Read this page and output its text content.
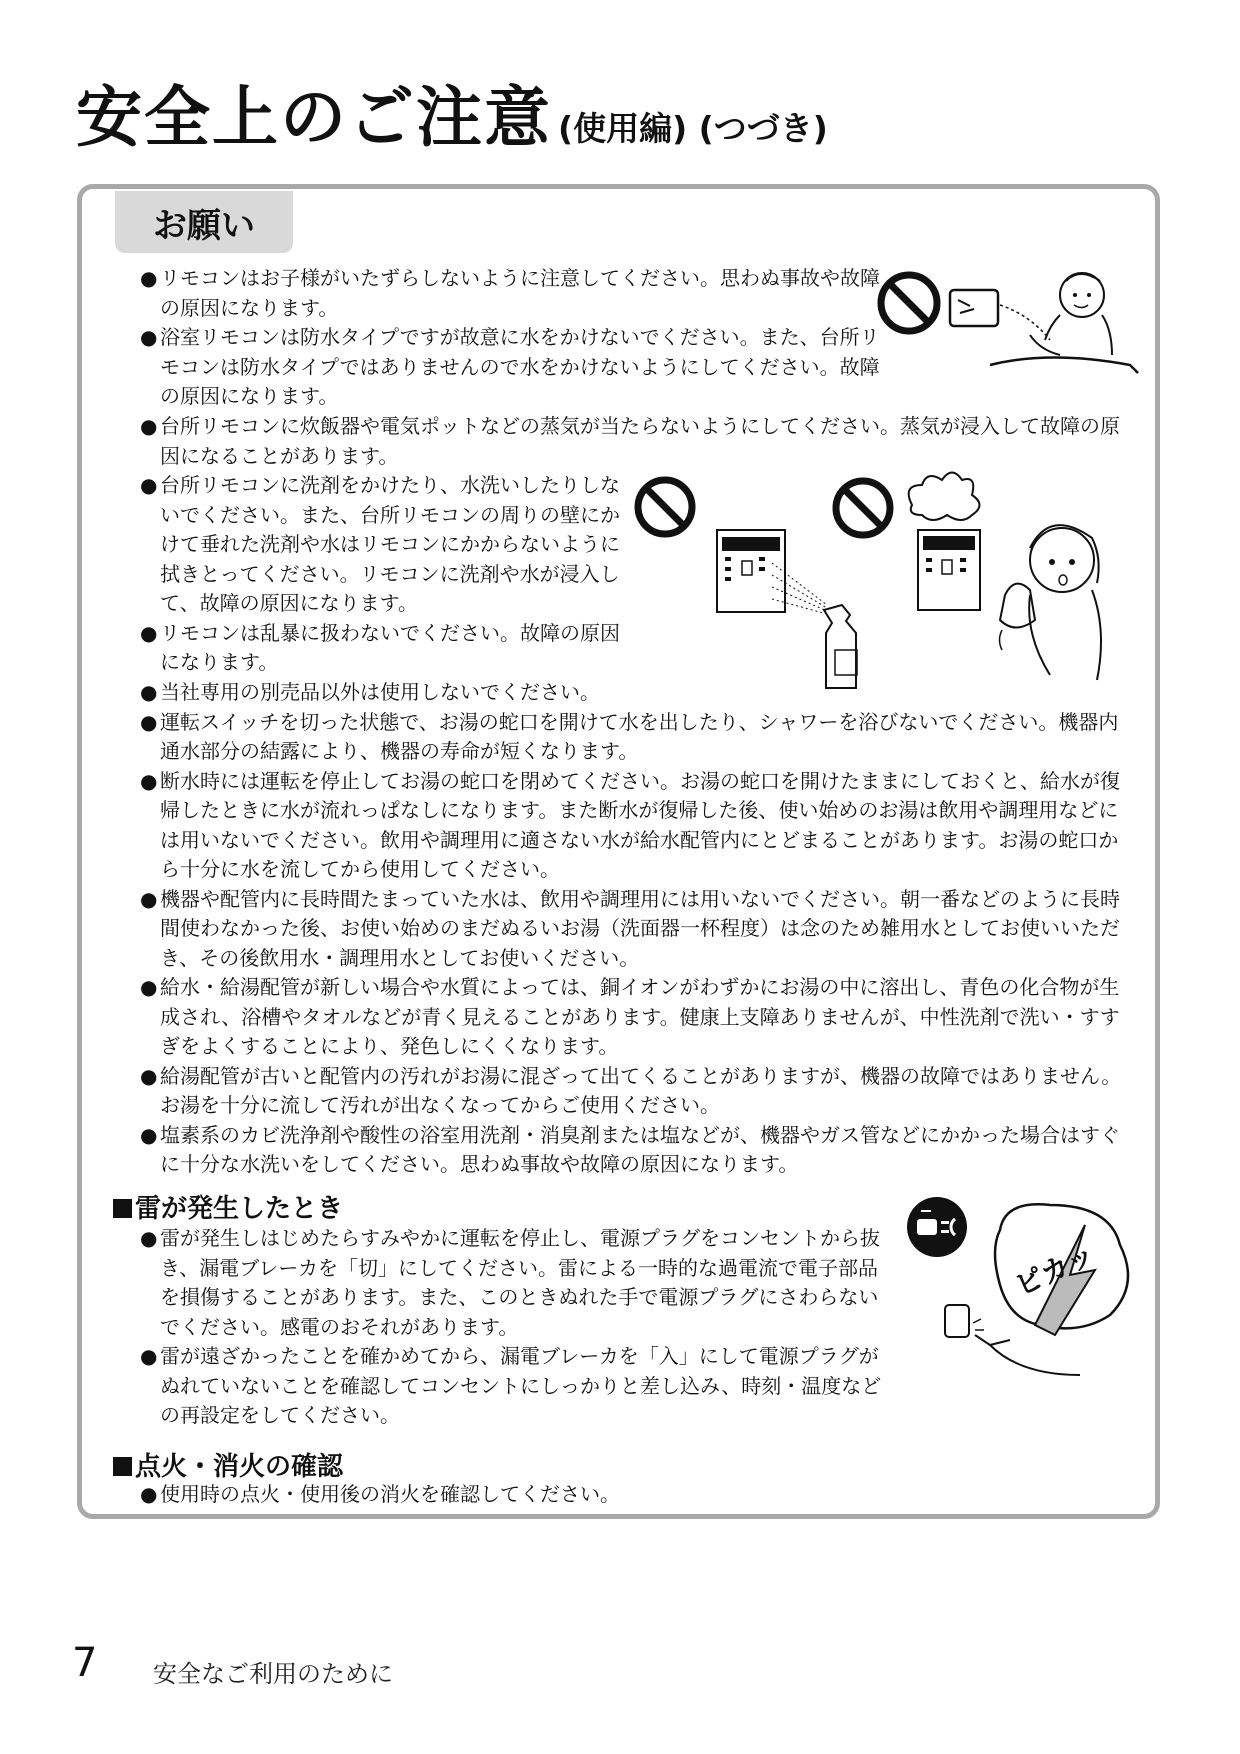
安全上のご注意 (使用編) (つづき)
お願い
● リモコンはお子様がいたずらしないように注意してください。思わぬ事故や故障の原因になります。
● 浴室リモコンは防水タイプですが故意に水をかけないでください。また、台所リモコンは防水タイプではありませんので水をかけないようにしてください。故障の原因になります。
● 台所リモコンに炊飯器や電気ポットなどの蒸気が当たらないようにしてください。蒸気が浸入して故障の原因になることがあります。
● 台所リモコンに洗剤をかけたり、水洗いしたりしないでください。また、台所リモコンの周りの壁にかけて垂れた洗剤や水はリモコンにかからないように拭きとってください。リモコンに洗剤や水が浸入して、故障の原因になります。
● リモコンは乱暴に扱わないでください。故障の原因になります。
● 当社専用の別売品以外は使用しないでください。
● 運転スイッチを切った状態で、お湯の蛇口を開けて水を出したり、シャワーを浴びないでください。機器内通水部分の結露により、機器の寿命が短くなります。
● 断水時には運転を停止してお湯の蛇口を閉めてください。お湯の蛇口を開けたままにしておくと、給水が復帰したときに水が流れっぱなしになります。また断水が復帰した後、使い始めのお湯は飲用や調理用などには用いないでください。飲用や調理用に適さない水が給水配管内にとどまることがあります。お湯の蛇口から十分に水を流してから使用してください。
● 機器や配管内に長時間たまっていた水は、飲用や調理用には用いないでください。朝一番などのように長時間使わなかった後、お使い始めのまだぬるいお湯（洗面器一杯程度）は念のため雑用水としてお使いいただき、その後飲用水・調理用水としてお使いください。
● 給水・給湯配管が新しい場合や水質によっては、銅イオンがわずかにお湯の中に溶出し、青色の化合物が生成され、浴槽やタオルなどが青く見えることがあります。健康上支障ありませんが、中性洗剤で洗い・すすぎをよくすることにより、発色しにくくなります。
● 給湯配管が古いと配管内の汚れがお湯に混ざって出てくることがありますが、機器の故障ではありません。お湯を十分に流して汚れが出なくなってからご使用ください。
● 塩素系のカビ洗浄剤や酸性の浴室用洗剤・消臭剤または塩などが、機器やガス管などにかかった場合はすぐに十分な水洗いをしてください。思わぬ事故や故障の原因になります。
雷が発生したとき
● 雷が発生しはじめたらすみやかに運転を停止し、電源プラグをコンセントから抜き、漏電ブレーカを「切」にしてください。雷による一時的な過電流で電子部品を損傷することがあります。また、このときぬれた手で電源プラグにさわらないでください。感電のおそれがあります。
● 雷が遠ざかったことを確かめてから、漏電ブレーカを「入」にして電源プラグがぬれていないことを確認してコンセントにしっかりと差し込み、時刻・温度などの再設定をしてください。
点火・消火の確認
● 使用時の点火・使用後の消火を確認してください。
ピカッ
7 安全なご利用のために
